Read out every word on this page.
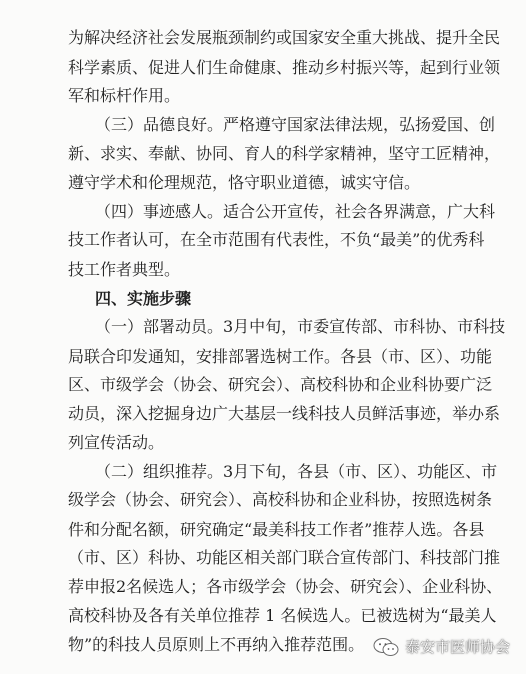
为解决经济社会发展瓶颈制约或国家安全重大挑战、提升全民
科学素质、促进人们生命健康、推动乡村振兴等，起到行业领
军和标杆作用。
（三）品德良好。严格遵守国家法律法规，弘扬爱国、创
新、求实、奉献、协同、育人的科学家精神，坚守工匠精神，
遵守学术和伦理规范，恪守职业道德，诚实守信。
（四）事迹感人。适合公开宣传，社会各界满意，广大科
技工作者认可，在全市范围有代表性，不负“最美”的优秀科
技工作者典型。
四、实施步骤
（一）部署动员。3月中旬，市委宣传部、市科协、市科技
局联合印发通知，安排部署选树工作。各县（市、区）、功能
区、市级学会（协会、研究会）、高校科协和企业科协要广泛
动员，深入挖掘身边广大基层一线科技人员鲜活事迹，举办系
列宣传活动。
（二）组织推荐。3月下旬，各县（市、区）、功能区、市
级学会（协会、研究会）、高校科协和企业科协，按照选树条
件和分配名额，研究确定“最美科技工作者”推荐人选。各县
（市、区）科协、功能区相关部门联合宣传部门、科技部门推
荐申报2名候选人；各市级学会（协会、研究会）、企业科协、
高校科协及各有关单位推荐 1 名候选人。已被选树为“最美人
物”的科技人员原则上不再纳入推荐范围。	泰安市医师协会
